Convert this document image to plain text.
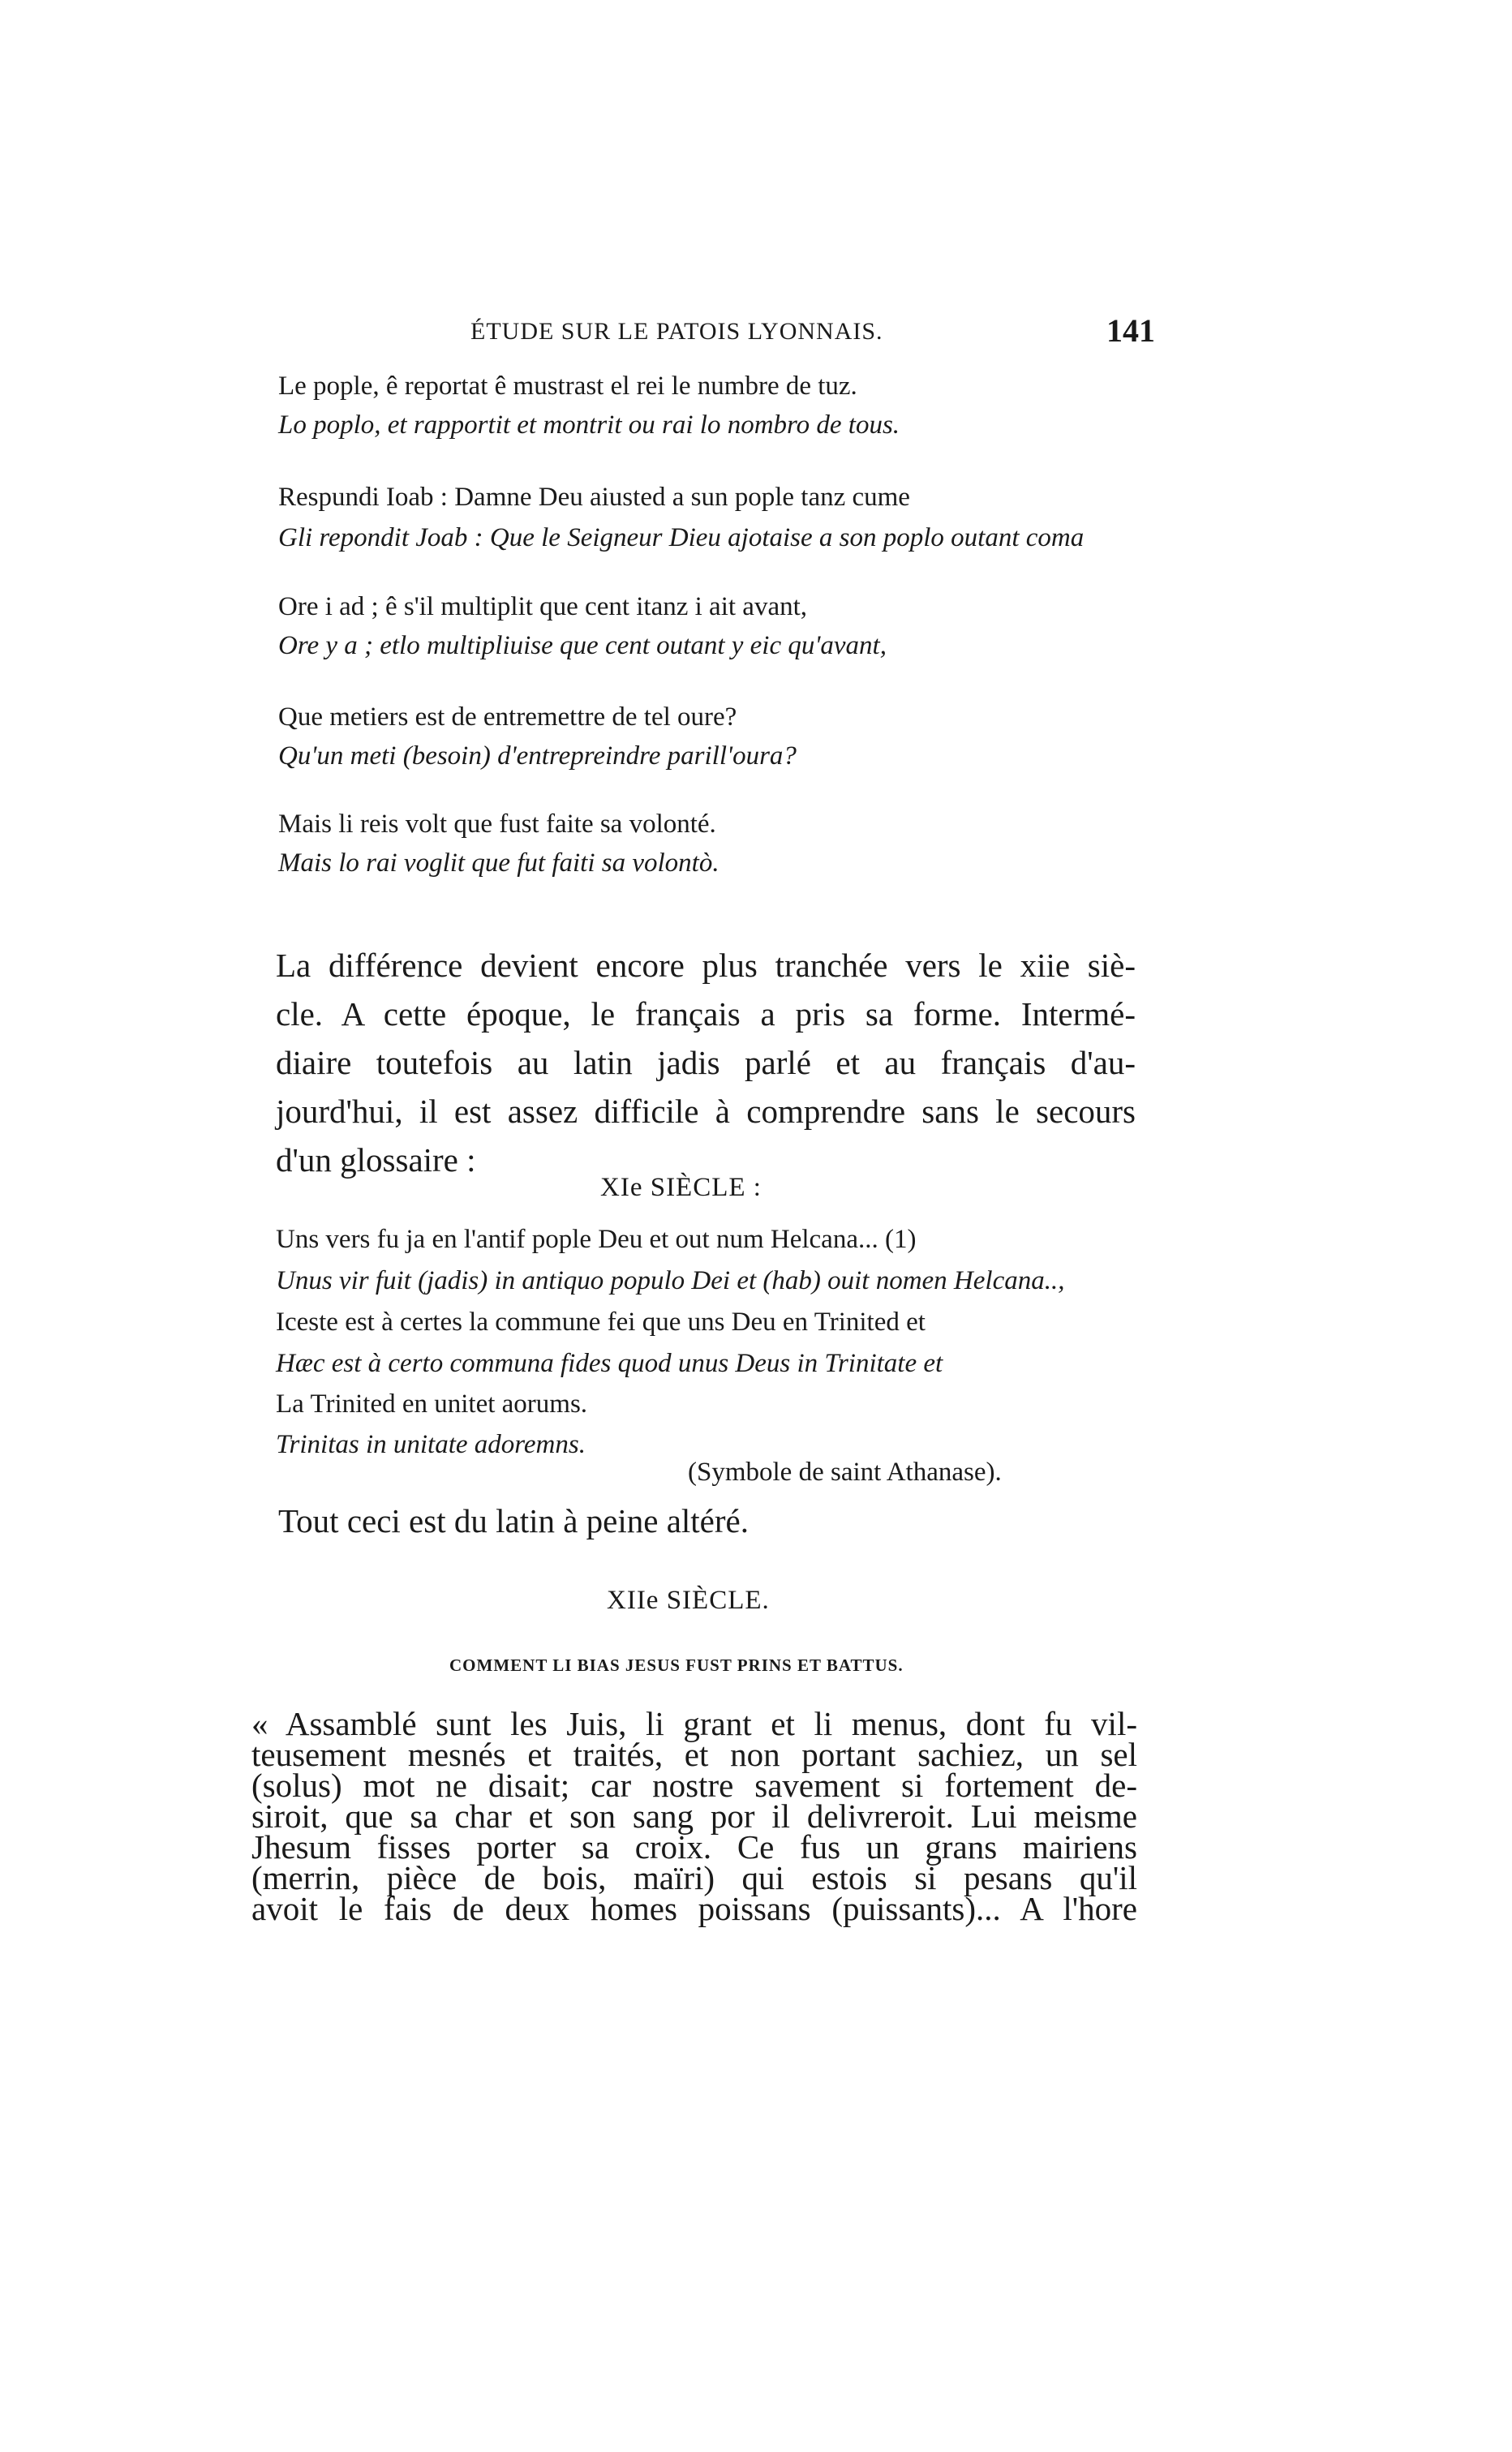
ÉTUDE SUR LE PATOIS LYONNAIS.	141
Le pople, ê reportat ê mustrast el rei le numbre de tuz.
Lo poplo, et rapportit et montrit ou rai lo nombro de tous.
Respundi Ioab : Damne Deu aiusted a sun pople tanz cume
Gli repondit Joab : Que le Seigneur Dieu ajotaise a son poplo outant coma
Ore i ad ; ê s'il multiplit que cent itanz i ait avant,
Ore y a ; etlo multipliuise que cent outant y eic qu'avant,
Que metiers est de entremettre de tel oure?
Qu'un meti (besoin) d'entrepreindre parill'oura?
Mais li reis volt que fust faite sa volonté.
Mais lo rai voglit que fut faiti sa volontò.
La différence devient encore plus tranchée vers le xiie siè-
cle. A cette époque, le français a pris sa forme. Intermé-
diaire toutefois au latin jadis parlé et au français d'au-
jourd'hui, il est assez difficile à comprendre sans le secours
d'un glossaire :
XIe SIÈCLE :
Uns vers fu ja en l'antif pople Deu et out num Helcana... (1)
Unus vir fuit (jadis) in antiquo populo Dei et (hab) ouit nomen Helcana..,
Iceste est à certes la commune fei que uns Deu en Trinited et
Hæc est à certo communa fides quod unus Deus in Trinitate et
La Trinited en unitet aorums.
Trinitas in unitate adoremns.
(Symbole de saint Athanase).
Tout ceci est du latin à peine altéré.
XIIe SIÈCLE.
COMMENT LI BIAS JESUS FUST PRINS ET BATTUS.
« Assamblé sunt les Juis, li grant et li menus, dont fu vil-
teusement mesnés et traités, et non portant sachiez, un sel
(solus) mot ne disait; car nostre savement si fortement de-
siroit, que sa char et son sang por il delivreroit. Lui meisme
Jhesum fisses porter sa croix. Ce fus un grans mairiens
(merrin, pièce de bois, maïri) qui estois si pesans qu'il
avoit le fais de deux homes poissans (puissants)... A l'hore
